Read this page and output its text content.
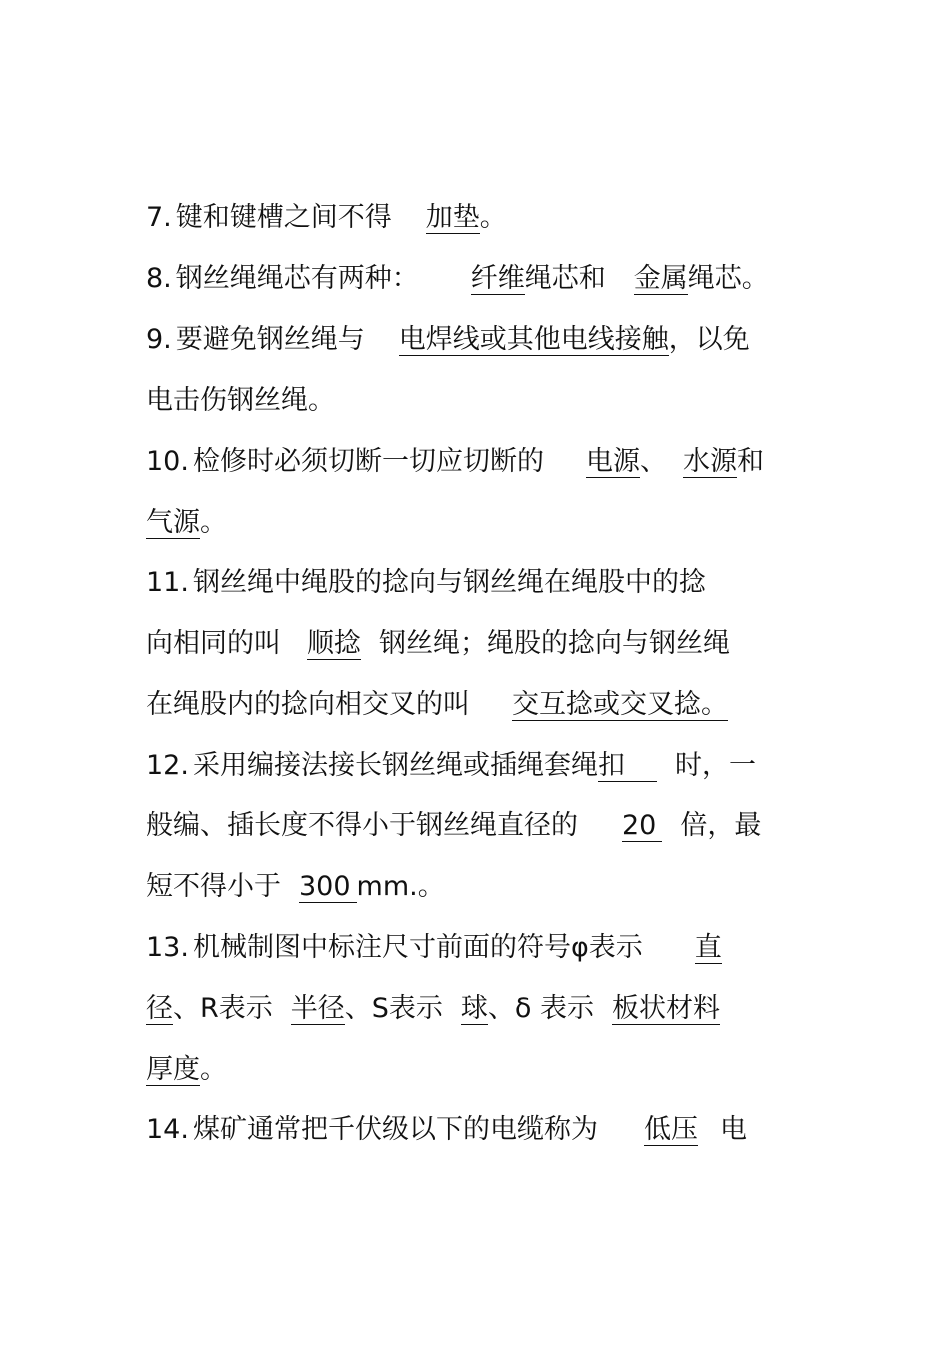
7. 键和键槽之间不得 加垫。
8. 钢丝绳绳芯有两种： 纤维绳芯和 金属绳芯。
9. 要避免钢丝绳与 电焊线或其他电线接触，以免
电击伤钢丝绳。
10. 检修时必须切断一切应切断的 电源、 水源和
气源。
11. 钢丝绳中绳股的捻向与钢丝绳在绳股中的捻
向相同的叫 顺捻 钢丝绳；绳股的捻向与钢丝绳
在绳股内的捻向相交叉的叫 交互捻或交叉捻。
12. 采用编接法接长钢丝绳或插绳套绳扣 时，一
般编、插长度不得小于钢丝绳直径的 20 倍，最
短不得小于 300 mm.。
13. 机械制图中标注尺寸前面的符号φ表示 直
径、R表示 半径、S表示 球、δ 表示 板状材料
厚度。
14. 煤矿通常把千伏级以下的电缆称为 低压 电
